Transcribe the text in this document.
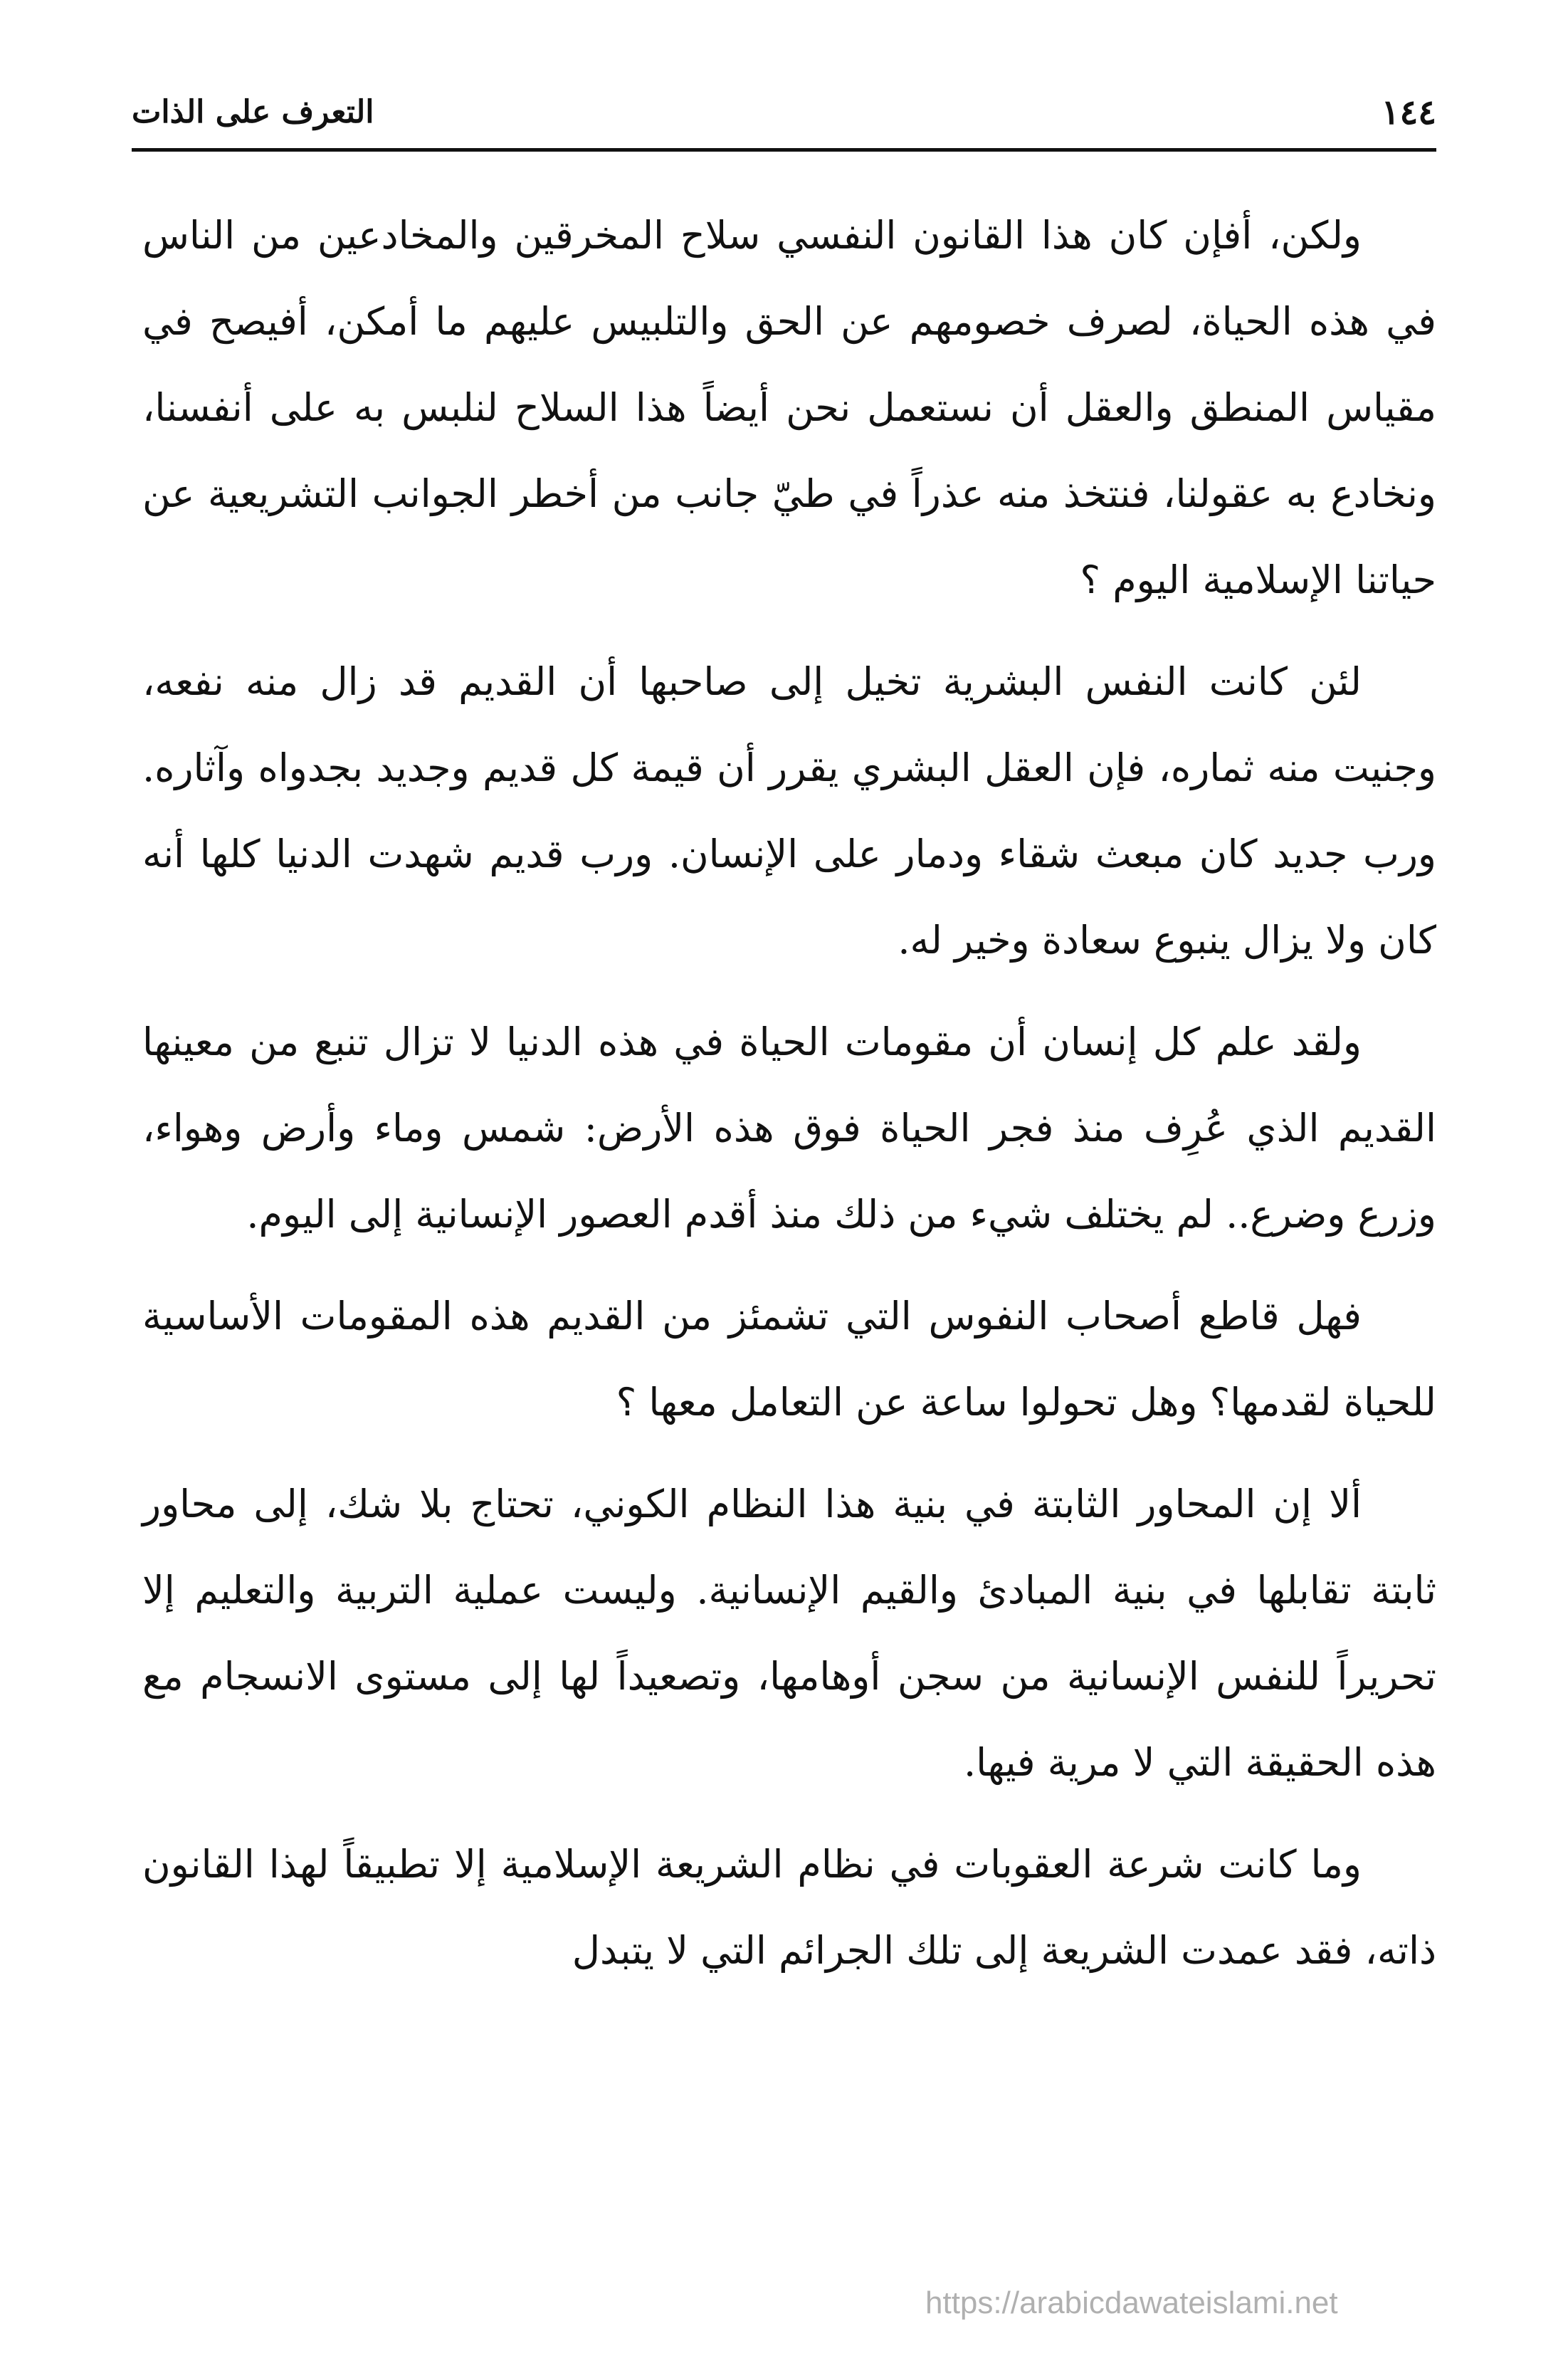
١٤٤
التعرف على الذات

ولكن، أفإن كان هذا القانون النفسي سلاح المخرقين والمخادعين من الناس في هذه الحياة، لصرف خصومهم عن الحق والتلبيس عليهم ما أمكن، أفيصح في مقياس المنطق والعقل أن نستعمل نحن أيضاً هذا السلاح لنلبس به على أنفسنا، ونخادع به عقولنا، فنتخذ منه عذراً في طيّ جانب من أخطر الجوانب التشريعية عن حياتنا الإسلامية اليوم ؟

لئن كانت النفس البشرية تخيل إلى صاحبها أن القديم قد زال منه نفعه، وجنيت منه ثماره، فإن العقل البشري يقرر أن قيمة كل قديم وجديد بجدواه وآثاره. ورب جديد كان مبعث شقاء ودمار على الإنسان. ورب قديم شهدت الدنيا كلها أنه كان ولا يزال ينبوع سعادة وخير له.

ولقد علم كل إنسان أن مقومات الحياة في هذه الدنيا لا تزال تنبع من معينها القديم الذي عُرِف منذ فجر الحياة فوق هذه الأرض: شمس وماء وأرض وهواء، وزرع وضرع.. لم يختلف شيء من ذلك منذ أقدم العصور الإنسانية إلى اليوم.

فهل قاطع أصحاب النفوس التي تشمئز من القديم هذه المقومات الأساسية للحياة لقدمها؟ وهل تحولوا ساعة عن التعامل معها ؟

ألا إن المحاور الثابتة في بنية هذا النظام الكوني، تحتاج بلا شك، إلى محاور ثابتة تقابلها في بنية المبادئ والقيم الإنسانية. وليست عملية التربية والتعليم إلا تحريراً للنفس الإنسانية من سجن أوهامها، وتصعيداً لها إلى مستوى الانسجام مع هذه الحقيقة التي لا مرية فيها.

وما كانت شرعة العقوبات في نظام الشريعة الإسلامية إلا تطبيقاً لهذا القانون ذاته، فقد عمدت الشريعة إلى تلك الجرائم التي لا يتبدل

https://arabicdawateislami.net
